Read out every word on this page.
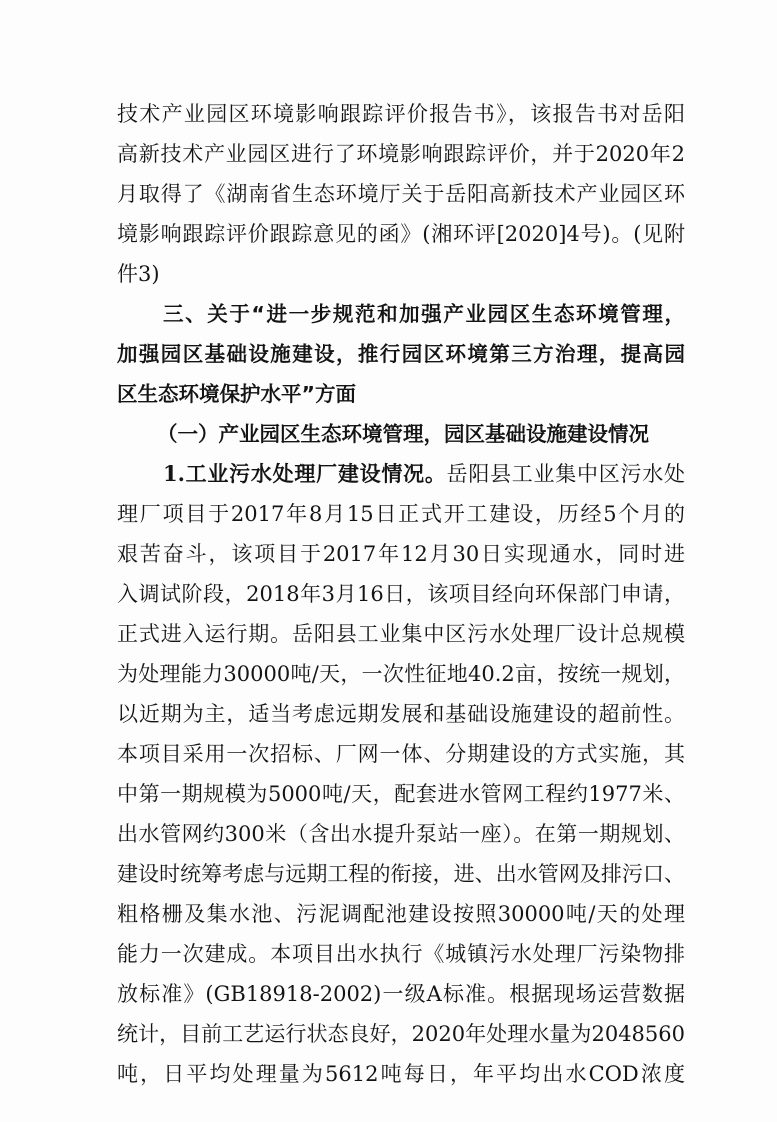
技术产业园区环境影响跟踪评价报告书》，该报告书对岳阳
高新技术产业园区进行了环境影响跟踪评价，并于2020年2
月取得了《湖南省生态环境厅关于岳阳高新技术产业园区环
境影响跟踪评价跟踪意见的函》(湘环评[2020]4号)。(见附
件3)
三、关于“进一步规范和加强产业园区生态环境管理，
加强园区基础设施建设，推行园区环境第三方治理，提高园
区生态环境保护水平”方面
（一）产业园区生态环境管理，园区基础设施建设情况
1.工业污水处理厂建设情况。岳阳县工业集中区污水处
理厂项目于2017年8月15日正式开工建设，历经5个月的
艰苦奋斗，该项目于2017年12月30日实现通水，同时进
入调试阶段，2018年3月16日，该项目经向环保部门申请，
正式进入运行期。岳阳县工业集中区污水处理厂设计总规模
为处理能力30000吨/天，一次性征地40.2亩，按统一规划，
以近期为主，适当考虑远期发展和基础设施建设的超前性。
本项目采用一次招标、厂网一体、分期建设的方式实施，其
中第一期规模为5000吨/天，配套进水管网工程约1977米、
出水管网约300米（含出水提升泵站一座）。在第一期规划、
建设时统筹考虑与远期工程的衔接，进、出水管网及排污口、
粗格栅及集水池、污泥调配池建设按照30000吨/天的处理
能力一次建成。本项目出水执行《城镇污水处理厂污染物排
放标准》(GB18918-2002)一级A标准。根据现场运营数据
统计，目前工艺运行状态良好，2020年处理水量为2048560
吨，日平均处理量为5612吨每日，年平均出水COD浓度
